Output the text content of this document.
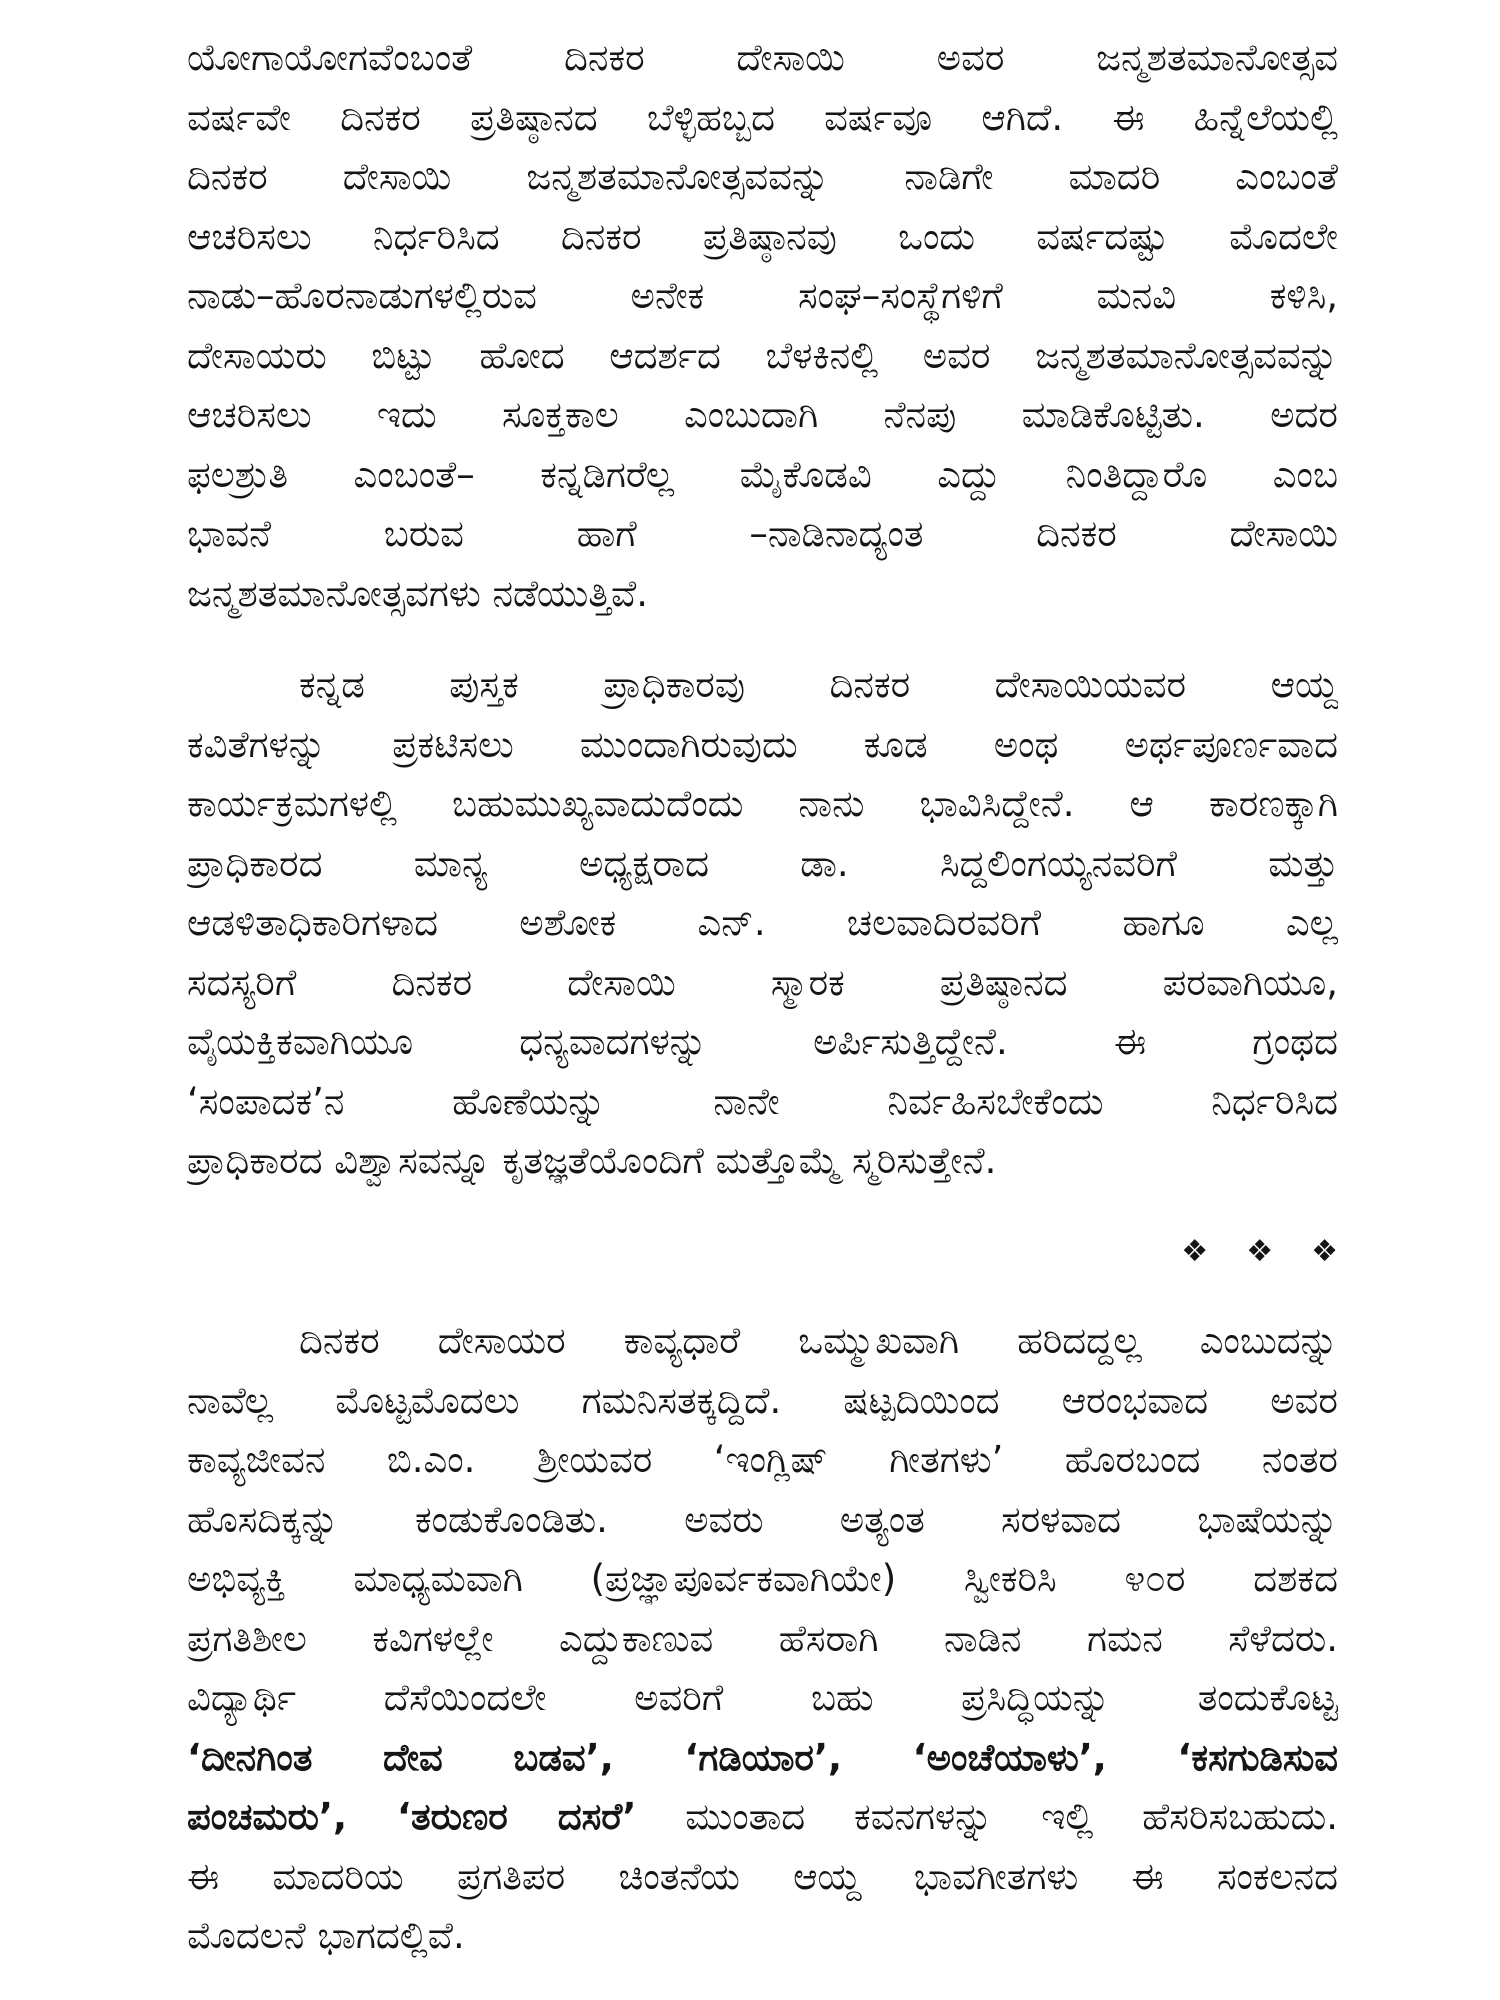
ಯೋಗಾಯೋಗವೆಂಬಂತೆ ದಿನಕರ ದೇಸಾಯಿ ಅವರ ಜನ್ಮಶತಮಾನೋತ್ಸವ
ವರ್ಷವೇ ದಿನಕರ ಪ್ರತಿಷ್ಠಾನದ ಬೆಳ್ಳಿಹಬ್ಬದ ವರ್ಷವೂ ಆಗಿದೆ. ಈ ಹಿನ್ನೆಲೆಯಲ್ಲಿ
ದಿನಕರ ದೇಸಾಯಿ ಜನ್ಮಶತಮಾನೋತ್ಸವವನ್ನು ನಾಡಿಗೇ ಮಾದರಿ ಎಂಬಂತೆ
ಆಚರಿಸಲು ನಿರ್ಧರಿಸಿದ ದಿನಕರ ಪ್ರತಿಷ್ಠಾನವು ಒಂದು ವರ್ಷದಷ್ಟು ಮೊದಲೇ
ನಾಡು–ಹೊರನಾಡುಗಳಲ್ಲಿರುವ ಅನೇಕ ಸಂಘ–ಸಂಸ್ಥೆಗಳಿಗೆ ಮನವಿ ಕಳಿಸಿ,
ದೇಸಾಯರು ಬಿಟ್ಟು ಹೋದ ಆದರ್ಶದ ಬೆಳಕಿನಲ್ಲಿ ಅವರ ಜನ್ಮಶತಮಾನೋತ್ಸವವನ್ನು
ಆಚರಿಸಲು ಇದು ಸೂಕ್ತಕಾಲ ಎಂಬುದಾಗಿ ನೆನಪು ಮಾಡಿಕೊಟ್ಟಿತು. ಅದರ
ಫಲಶ್ರುತಿ ಎಂಬಂತೆ– ಕನ್ನಡಿಗರೆಲ್ಲ ಮೈಕೊಡವಿ ಎದ್ದು ನಿಂತಿದ್ದಾರೊ ಎಂಬ
ಭಾವನೆ ಬರುವ ಹಾಗೆ –ನಾಡಿನಾದ್ಯಂತ ದಿನಕರ ದೇಸಾಯಿ
ಜನ್ಮಶತಮಾನೋತ್ಸವಗಳು ನಡೆಯುತ್ತಿವೆ.
ಕನ್ನಡ ಪುಸ್ತಕ ಪ್ರಾಧಿಕಾರವು ದಿನಕರ ದೇಸಾಯಿಯವರ ಆಯ್ದ
ಕವಿತೆಗಳನ್ನು ಪ್ರಕಟಿಸಲು ಮುಂದಾಗಿರುವುದು ಕೂಡ ಅಂಥ ಅರ್ಥಪೂರ್ಣವಾದ
ಕಾರ್ಯಕ್ರಮಗಳಲ್ಲಿ ಬಹುಮುಖ್ಯವಾದುದೆಂದು ನಾನು ಭಾವಿಸಿದ್ದೇನೆ. ಆ ಕಾರಣಕ್ಕಾಗಿ
ಪ್ರಾಧಿಕಾರದ ಮಾನ್ಯ ಅಧ್ಯಕ್ಷರಾದ ಡಾ. ಸಿದ್ದಲಿಂಗಯ್ಯನವರಿಗೆ ಮತ್ತು
ಆಡಳಿತಾಧಿಕಾರಿಗಳಾದ ಅಶೋಕ ಎನ್. ಚಲವಾದಿರವರಿಗೆ ಹಾಗೂ ಎಲ್ಲ
ಸದಸ್ಯರಿಗೆ ದಿನಕರ ದೇಸಾಯಿ ಸ್ಮಾರಕ ಪ್ರತಿಷ್ಠಾನದ ಪರವಾಗಿಯೂ,
ವೈಯಕ್ತಿಕವಾಗಿಯೂ ಧನ್ಯವಾದಗಳನ್ನು ಅರ್ಪಿಸುತ್ತಿದ್ದೇನೆ. ಈ ಗ್ರಂಥದ
‘ಸಂಪಾದಕ’ನ ಹೊಣೆಯನ್ನು ನಾನೇ ನಿರ್ವಹಿಸಬೇಕೆಂದು ನಿರ್ಧರಿಸಿದ
ಪ್ರಾಧಿಕಾರದ ವಿಶ್ವಾಸವನ್ನೂ ಕೃತಜ್ಞತೆಯೊಂದಿಗೆ ಮತ್ತೊಮ್ಮೆ ಸ್ಮರಿಸುತ್ತೇನೆ.
❖ ❖ ❖
ದಿನಕರ ದೇಸಾಯರ ಕಾವ್ಯಧಾರೆ ಒಮ್ಮುಖವಾಗಿ ಹರಿದದ್ದಲ್ಲ ಎಂಬುದನ್ನು
ನಾವೆಲ್ಲ ಮೊಟ್ಟಮೊದಲು ಗಮನಿಸತಕ್ಕದ್ದಿದೆ. ಷಟ್ಪದಿಯಿಂದ ಆರಂಭವಾದ ಅವರ
ಕಾವ್ಯಜೀವನ ಬಿ.ಎಂ. ಶ್ರೀಯವರ ‘ಇಂಗ್ಲಿಷ್ ಗೀತಗಳು’ ಹೊರಬಂದ ನಂತರ
ಹೊಸದಿಕ್ಕನ್ನು ಕಂಡುಕೊಂಡಿತು. ಅವರು ಅತ್ಯಂತ ಸರಳವಾದ ಭಾಷೆಯನ್ನು
ಅಭಿವ್ಯಕ್ತಿ ಮಾಧ್ಯಮವಾಗಿ (ಪ್ರಜ್ಞಾಪೂರ್ವಕವಾಗಿಯೇ) ಸ್ವೀಕರಿಸಿ ೪೦ರ ದಶಕದ
ಪ್ರಗತಿಶೀಲ ಕವಿಗಳಲ್ಲೇ ಎದ್ದುಕಾಣುವ ಹೆಸರಾಗಿ ನಾಡಿನ ಗಮನ ಸೆಳೆದರು.
ವಿದ್ಯಾರ್ಥಿ ದೆಸೆಯಿಂದಲೇ ಅವರಿಗೆ ಬಹು ಪ್ರಸಿದ್ಧಿಯನ್ನು ತಂದುಕೊಟ್ಟ
‘ದೀನಗಿಂತ ದೇವ ಬಡವ’, ‘ಗಡಿಯಾರ’, ‘ಅಂಚೆಯಾಳು’, ‘ಕಸಗುಡಿಸುವ
ಪಂಚಮರು’, ‘ತರುಣರ ದಸರೆ’ ಮುಂತಾದ ಕವನಗಳನ್ನು ಇಲ್ಲಿ ಹೆಸರಿಸಬಹುದು.
ಈ ಮಾದರಿಯ ಪ್ರಗತಿಪರ ಚಿಂತನೆಯ ಆಯ್ದ ಭಾವಗೀತಗಳು ಈ ಸಂಕಲನದ
ಮೊದಲನೆ ಭಾಗದಲ್ಲಿವೆ.
